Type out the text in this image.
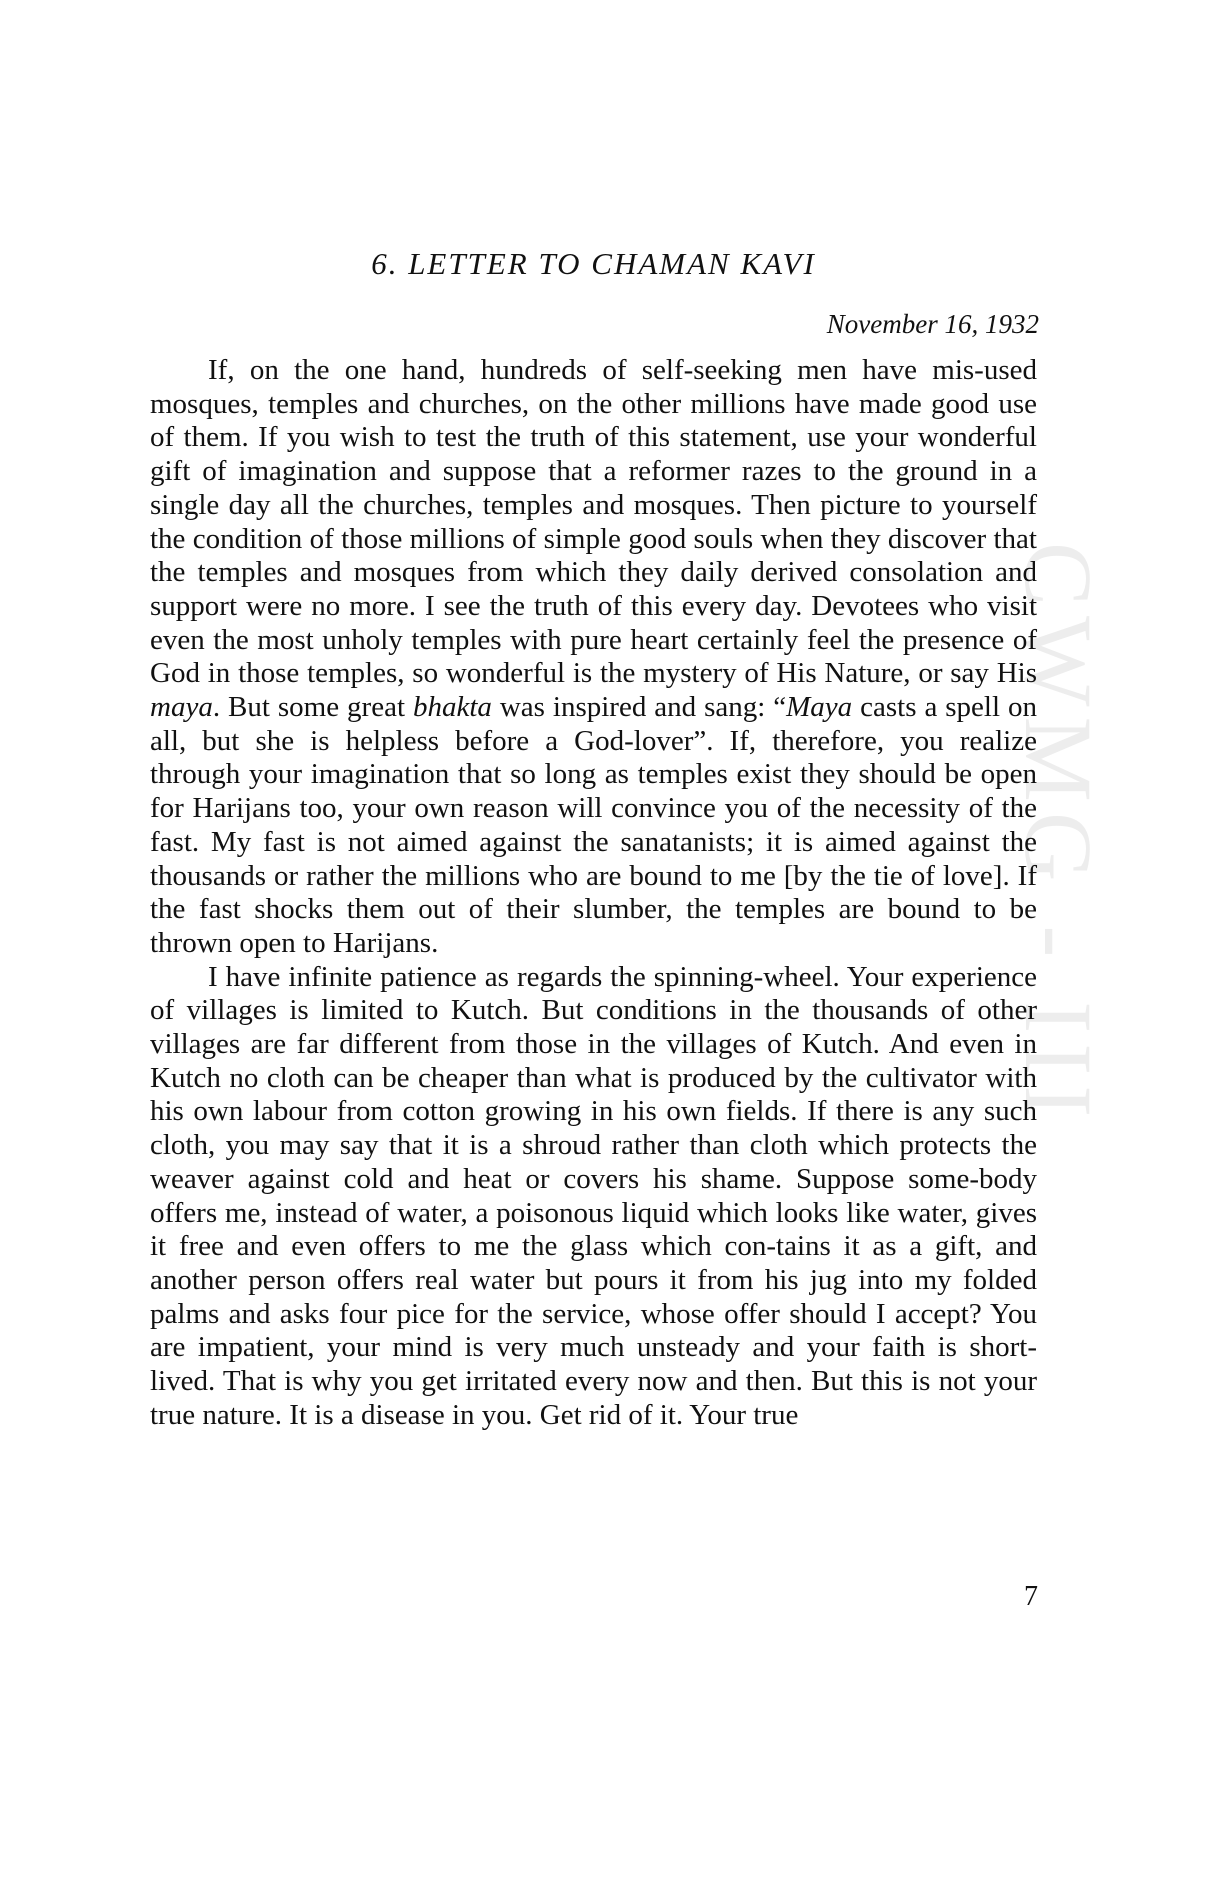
CWMG - III
6. LETTER TO CHAMAN KAVI

November 16, 1932

If, on the one hand, hundreds of self-seeking men have mis-used mosques, temples and churches, on the other millions have made good use of them. If you wish to test the truth of this statement, use your wonderful gift of imagination and suppose that a reformer razes to the ground in a single day all the churches, temples and mosques. Then picture to yourself the condition of those millions of simple good souls when they discover that the temples and mosques from which they daily derived consolation and support were no more. I see the truth of this every day. Devotees who visit even the most unholy temples with pure heart certainly feel the presence of God in those temples, so wonderful is the mystery of His Nature, or say His maya. But some great bhakta was inspired and sang: “Maya casts a spell on all, but she is helpless before a God-lover”. If, therefore, you realize through your imagination that so long as temples exist they should be open for Harijans too, your own reason will convince you of the necessity of the fast. My fast is not aimed against the sanatanists; it is aimed against the thousands or rather the millions who are bound to me [by the tie of love]. If the fast shocks them out of their slumber, the temples are bound to be thrown open to Harijans.

I have infinite patience as regards the spinning-wheel. Your experience of villages is limited to Kutch. But conditions in the thousands of other villages are far different from those in the villages of Kutch. And even in Kutch no cloth can be cheaper than what is produced by the cultivator with his own labour from cotton growing in his own fields. If there is any such cloth, you may say that it is a shroud rather than cloth which protects the weaver against cold and heat or covers his shame. Suppose some-body offers me, instead of water, a poisonous liquid which looks like water, gives it free and even offers to me the glass which con-tains it as a gift, and another person offers real water but pours it from his jug into my folded palms and asks four pice for the service, whose offer should I accept? You are impatient, your mind is very much unsteady and your faith is short-lived. That is why you get irritated every now and then. But this is not your true nature. It is a disease in you. Get rid of it. Your true

7
